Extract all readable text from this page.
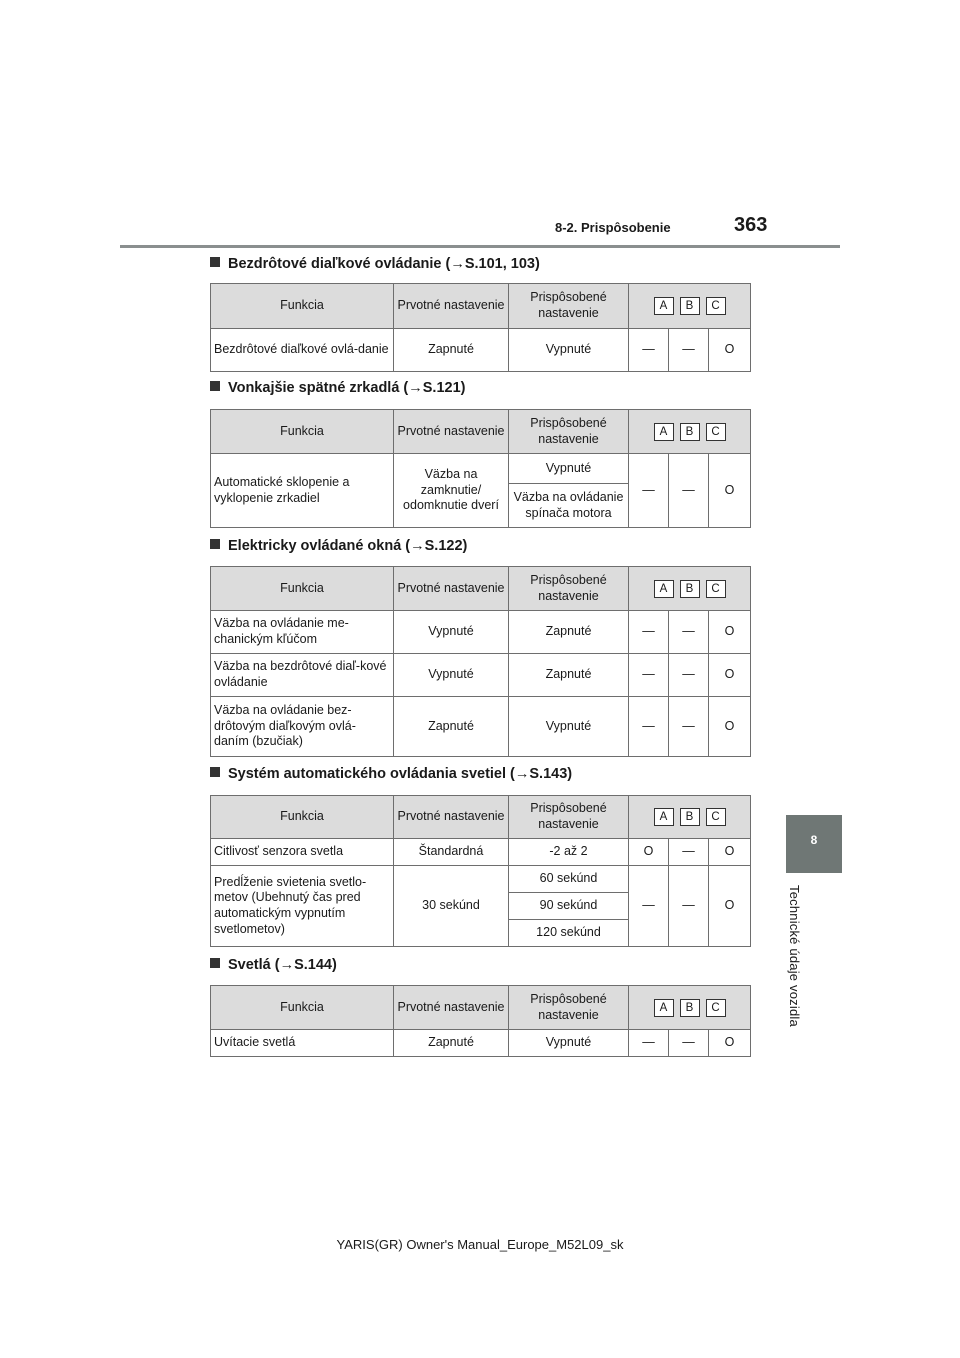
8-2. Prispôsobenie	363
8
Technické údaje vozidla
Bezdrôtové diaľkové ovládanie (→S.101, 103)
Funkcia	Prvotné nastavenie	Prispôsobené nastavenie	A B C		

Bezdrôtové diaľkové ovlá-danie	Zapnuté	Vypnuté	—	—	O
Vonkajšie spätné zrkadlá (→S.121)
Funkcia	Prvotné nastavenie	Prispôsobené nastavenie	A B C		

Automatické sklopenie a vyklopenie zrkadiel	Väzba na zamknutie/ odomknutie dverí	Vypnuté	—	—	O
		Väzba na ovládanie spínača motora			
Elektricky ovládané okná (→S.122)
Funkcia	Prvotné nastavenie	Prispôsobené nastavenie	A B C		

Väzba na ovládanie me-chanickým kľúčom	Vypnuté	Zapnuté	—	—	O
Väzba na bezdrôtové diaľ-kové ovládanie	Vypnuté	Zapnuté	—	—	O
Väzba na ovládanie bez-drôtovým diaľkovým ovlá-daním (bzučiak)	Zapnuté	Vypnuté	—	—	O
Systém automatického ovládania svetiel (→S.143)
Funkcia	Prvotné nastavenie	Prispôsobené nastavenie	A B C		

Citlivosť senzora svetla	Štandardná	-2 až 2	O	—	O
Predĺženie svietenia svetlo-metov (Ubehnutý čas pred automatickým vypnutím svetlometov)	30 sekúnd	60 sekúnd	—	—	O
		90 sekúnd			
		120 sekúnd			
Svetlá (→S.144)
Funkcia	Prvotné nastavenie	Prispôsobené nastavenie	A B C		

Uvítacie svetlá	Zapnuté	Vypnuté	—	—	O
YARIS(GR) Owner's Manual_Europe_M52L09_sk
